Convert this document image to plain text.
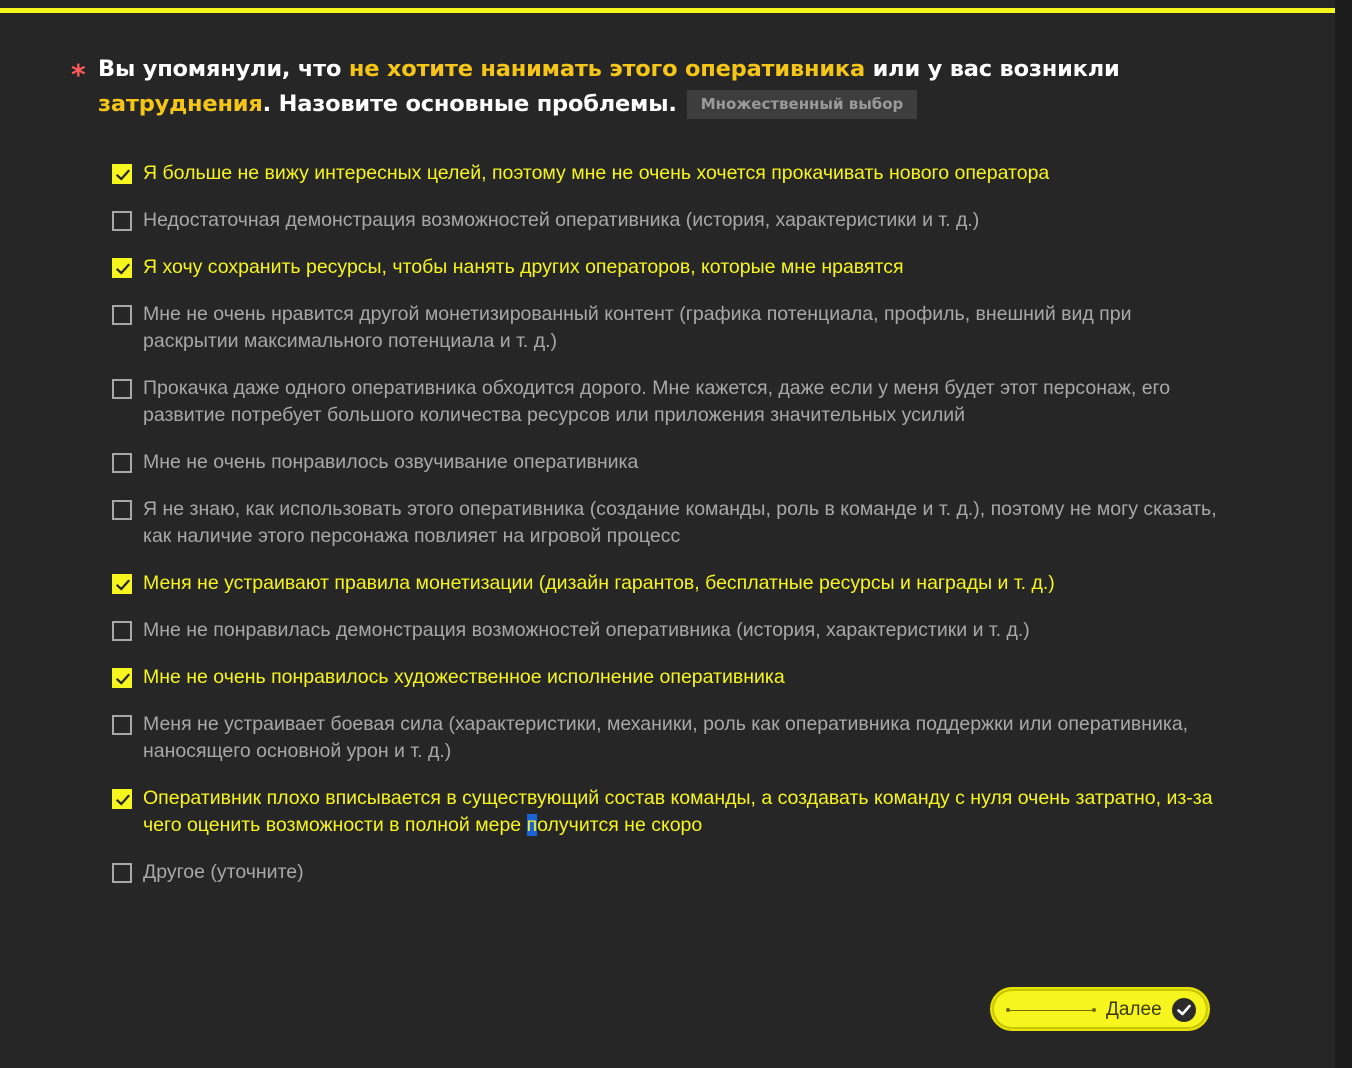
* Вы упомянули, что не хотите нанимать этого оперативника или у вас возникли затруднения. Назовите основные проблемы. Множественный выбор
Я больше не вижу интересных целей, поэтому мне не очень хочется прокачивать нового оператора
Недостаточная демонстрация возможностей оперативника (история, характеристики и т. д.)
Я хочу сохранить ресурсы, чтобы нанять других операторов, которые мне нравятся
Мне не очень нравится другой монетизированный контент (графика потенциала, профиль, внешний вид при раскрытии максимального потенциала и т. д.)
Прокачка даже одного оперативника обходится дорого. Мне кажется, даже если у меня будет этот персонаж, его развитие потребует большого количества ресурсов или приложения значительных усилий
Мне не очень понравилось озвучивание оперативника
Я не знаю, как использовать этого оперативника (создание команды, роль в команде и т. д.), поэтому не могу сказать, как наличие этого персонажа повлияет на игровой процесс
Меня не устраивают правила монетизации (дизайн гарантов, бесплатные ресурсы и награды и т. д.)
Мне не понравилась демонстрация возможностей оперативника (история, характеристики и т. д.)
Мне не очень понравилось художественное исполнение оперативника
Меня не устраивает боевая сила (характеристики, механики, роль как оперативника поддержки или оперативника, наносящего основной урон и т. д.)
Оперативник плохо вписывается в существующий состав команды, а создавать команду с нуля очень затратно, из-за чего оценить возможности в полной мере получится не скоро
Другое (уточните)
Далее
